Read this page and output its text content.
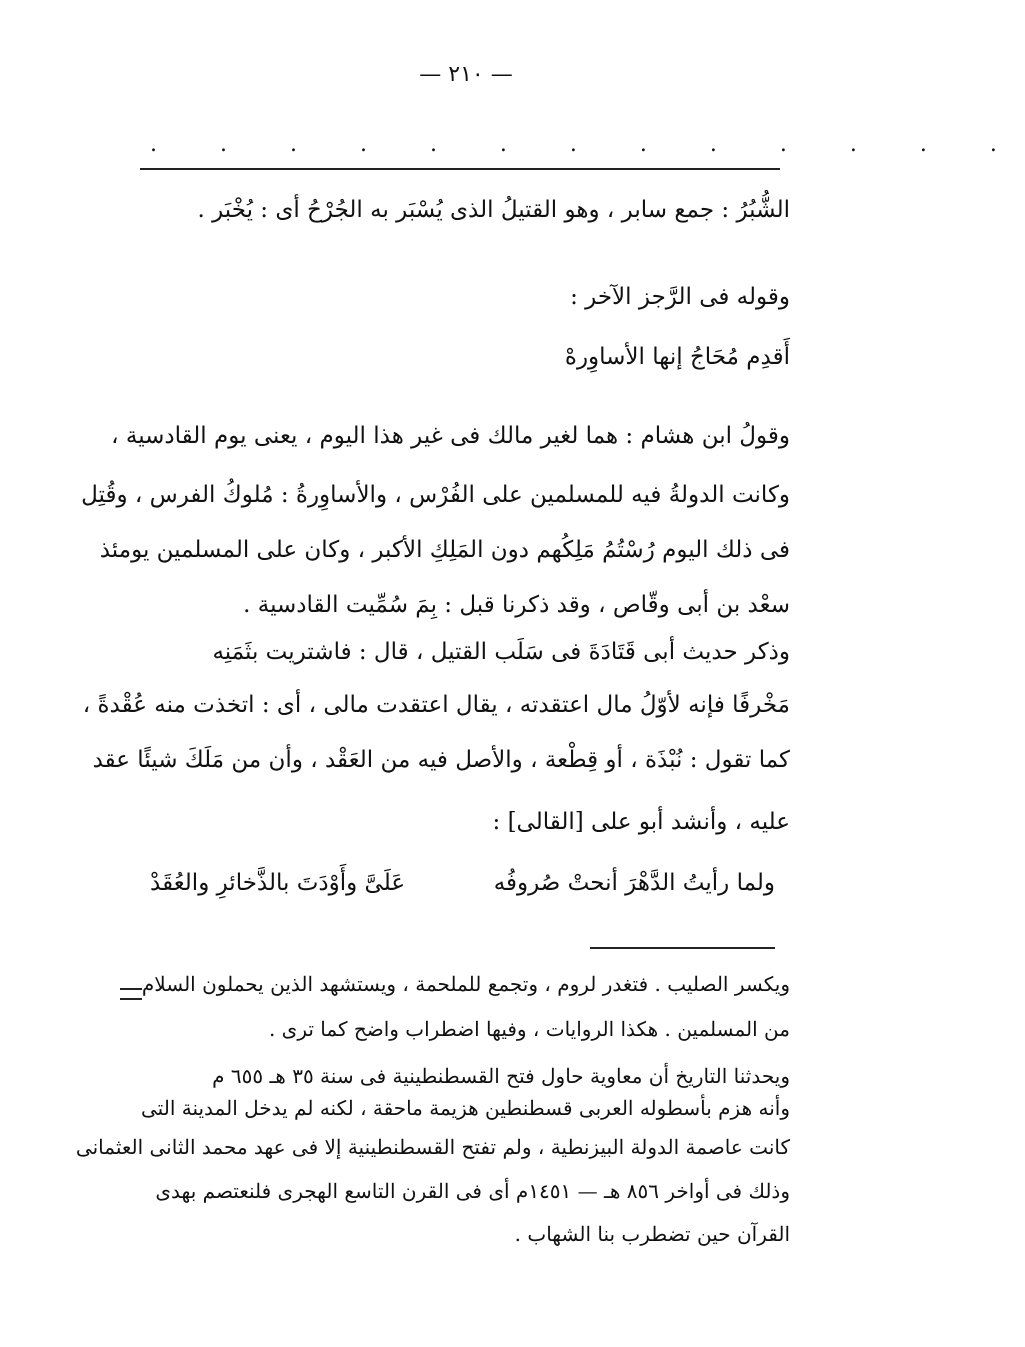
— ٢١٠ —
. . . . . . . . . . . . .
الشُّبُرُ : جمع سابر ، وهو القتيلُ الذى يُسْبَر به الجُرْحُ أى : يُخْبَر .
وقوله فى الرَّجز الآخر :
أَقدِم مُحَاجُ إنها الأساوِرهْ
وقولُ ابن هشام : هما لغير مالك فى غير هذا اليوم ، يعنى يوم القادسية ،
وكانت الدولةُ فيه للمسلمين على الفُرْس ، والأساوِرةُ : مُلوكُ الفرس ، وقُتِل
فى ذلك اليوم رُسْتُمُ مَلِكُهم دون المَلِكِ الأكبر ، وكان على المسلمين يومئذ
سعْد بن أبى وقّاص ، وقد ذكرنا قبل : بِمَ سُمِّيت القادسية .
وذكر حديث أبى قَتَادَةَ فى سَلَب القتيل ، قال : فاشتريت بثَمَنِه
مَخْرفًا فإنه لأوّلُ مال اعتقدته ، يقال اعتقدت مالى ، أى : اتخذت منه عُقْدةً ،
كما تقول : نُبْذَة ، أو قِطْعة ، والأصل فيه من العَقْد ، وأن من مَلَكَ شيئًا عقد
عليه ، وأنشد أبو على [القالى] :
ولما رأيتُ الدَّهْرَ أنحتْ صُروفُه
عَلَىَّ وأَوْدَتَ بالذَّخائرِ والعُقَدْ
ويكسر الصليب . فتغدر لروم ، وتجمع للملحمة ، ويستشهد الذين يحملون السلام
من المسلمين . هكذا الروايات ، وفيها اضطراب واضح كما ترى .
ويحدثنا التاريخ أن معاوية حاول فتح القسطنطينية فى سنة ٣٥ هـ ٦٥٥ م
وأنه هزم بأسطوله العربى قسطنطين هزيمة ماحقة ، لكنه لم يدخل المدينة التى
كانت عاصمة الدولة البيزنطية ، ولم تفتح القسطنطينية إلا فى عهد محمد الثانى العثمانى
وذلك فى أواخر ٨٥٦ هـ — ١٤٥١م أى فى القرن التاسع الهجرى فلنعتصم بهدى
القرآن حين تضطرب بنا الشهاب .
